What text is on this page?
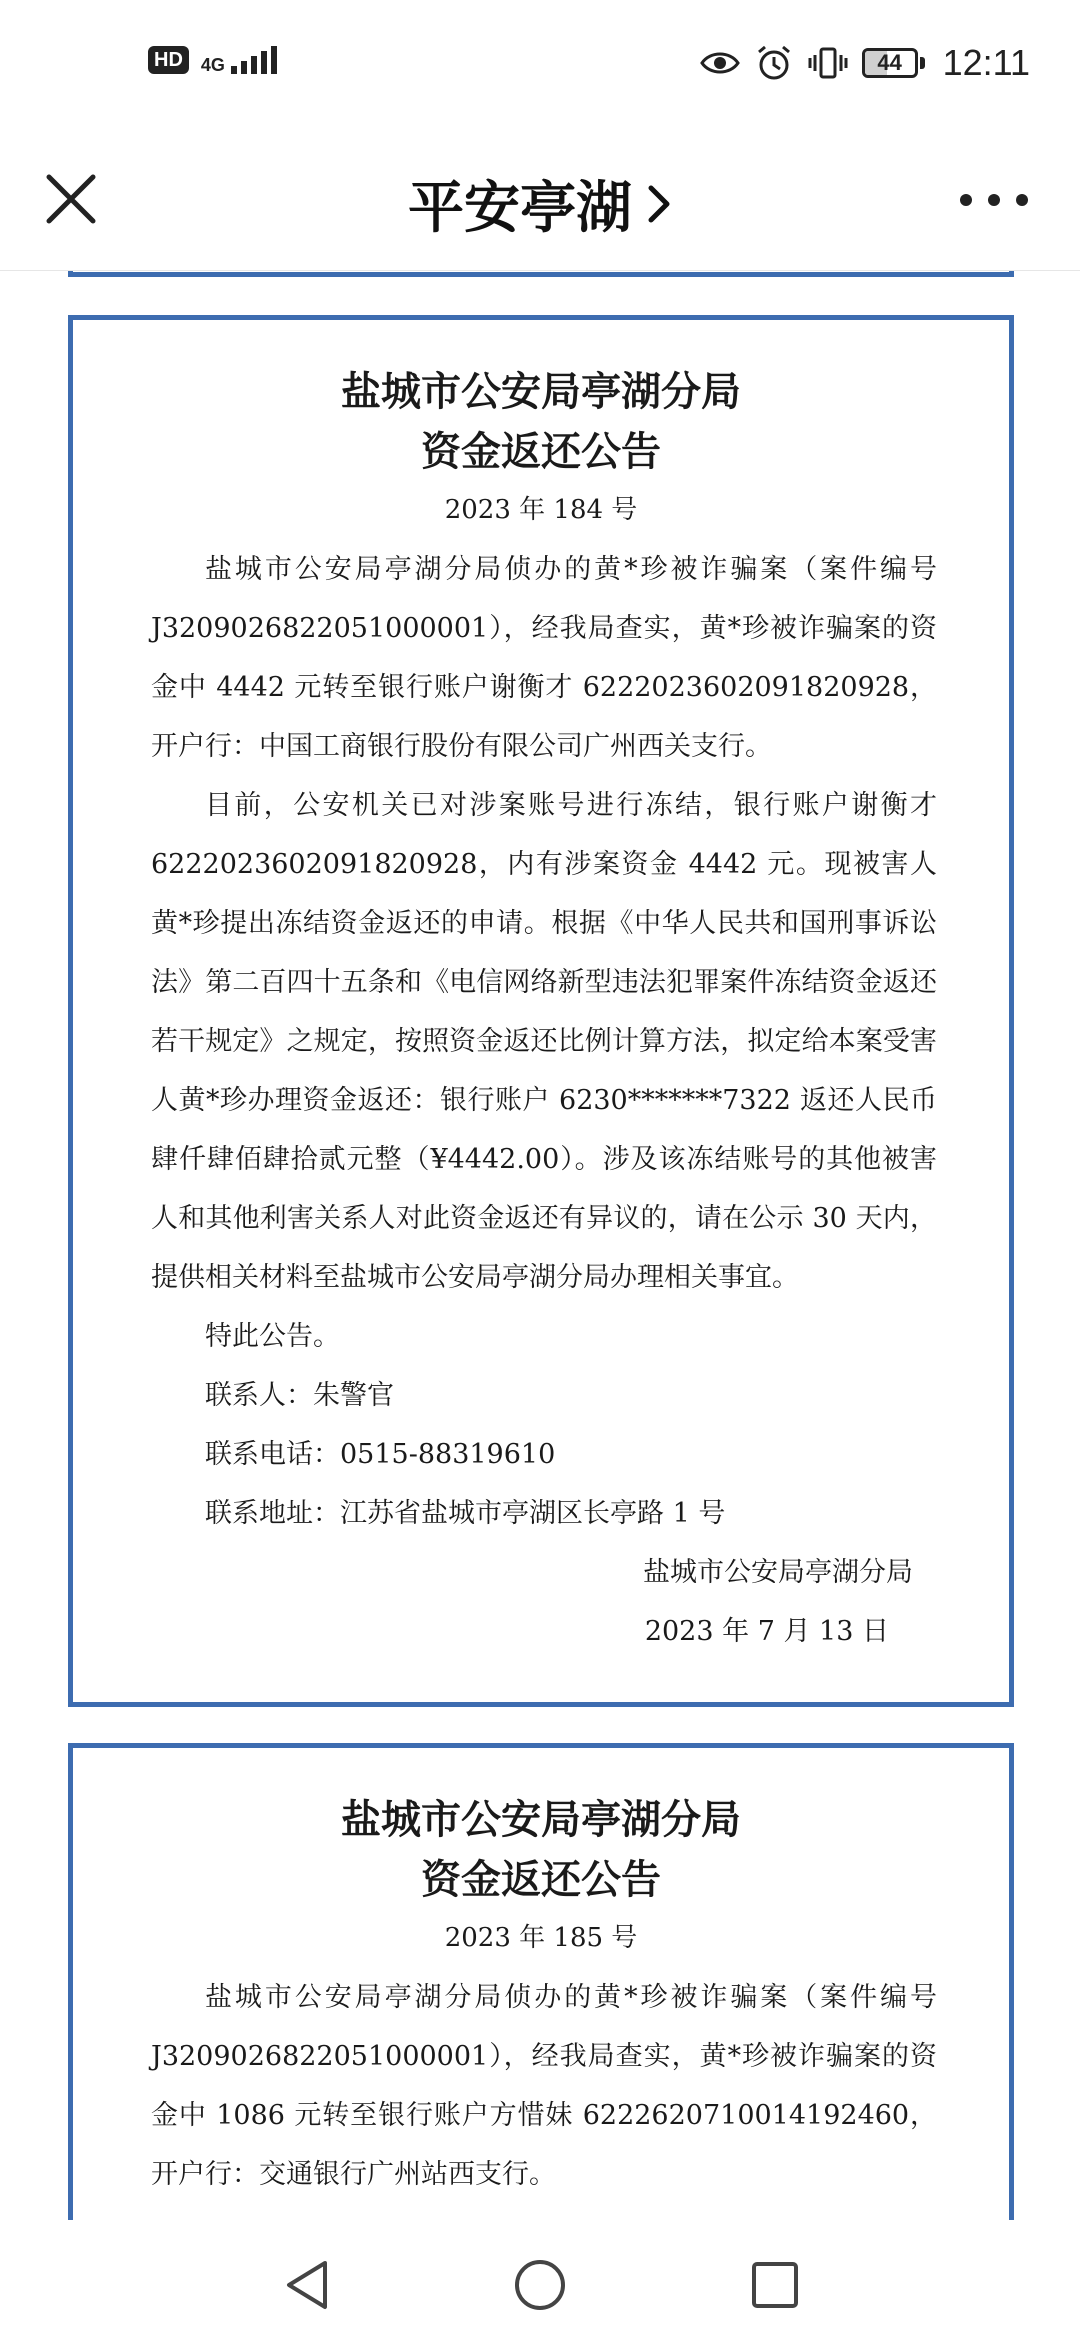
HD	4G	44 12:11
平安亭湖
盐城市公安局亭湖分局
资金返还公告
2023 年 184 号

盐城市公安局亭湖分局侦办的黄*珍被诈骗案（案件编号 J3209026822051000001），经我局查实，黄*珍被诈骗案的资金中 4442 元转至银行账户谢衡才 6222023602091820928，开户行：中国工商银行股份有限公司广州西关支行。

目前，公安机关已对涉案账号进行冻结，银行账户谢衡才 6222023602091820928，内有涉案资金 4442 元。现被害人黄*珍提出冻结资金返还的申请。根据《中华人民共和国刑事诉讼法》第二百四十五条和《电信网络新型违法犯罪案件冻结资金返还若干规定》之规定，按照资金返还比例计算方法，拟定给本案受害人黄*珍办理资金返还：银行账户 6230*******7322 返还人民币肆仟肆佰肆拾贰元整（¥4442.00）。涉及该冻结账号的其他被害人和其他利害关系人对此资金返还有异议的，请在公示 30 天内，提供相关材料至盐城市公安局亭湖分局办理相关事宜。

特此公告。

联系人：朱警官

联系电话：0515-88319610

联系地址：江苏省盐城市亭湖区长亭路 1 号

盐城市公安局亭湖分局
2023 年 7 月 13 日
盐城市公安局亭湖分局
资金返还公告
2023 年 185 号

盐城市公安局亭湖分局侦办的黄*珍被诈骗案（案件编号 J3209026822051000001），经我局查实，黄*珍被诈骗案的资金中 1086 元转至银行账户方惜妹 6222620710014192460，开户行：交通银行广州站西支行。
